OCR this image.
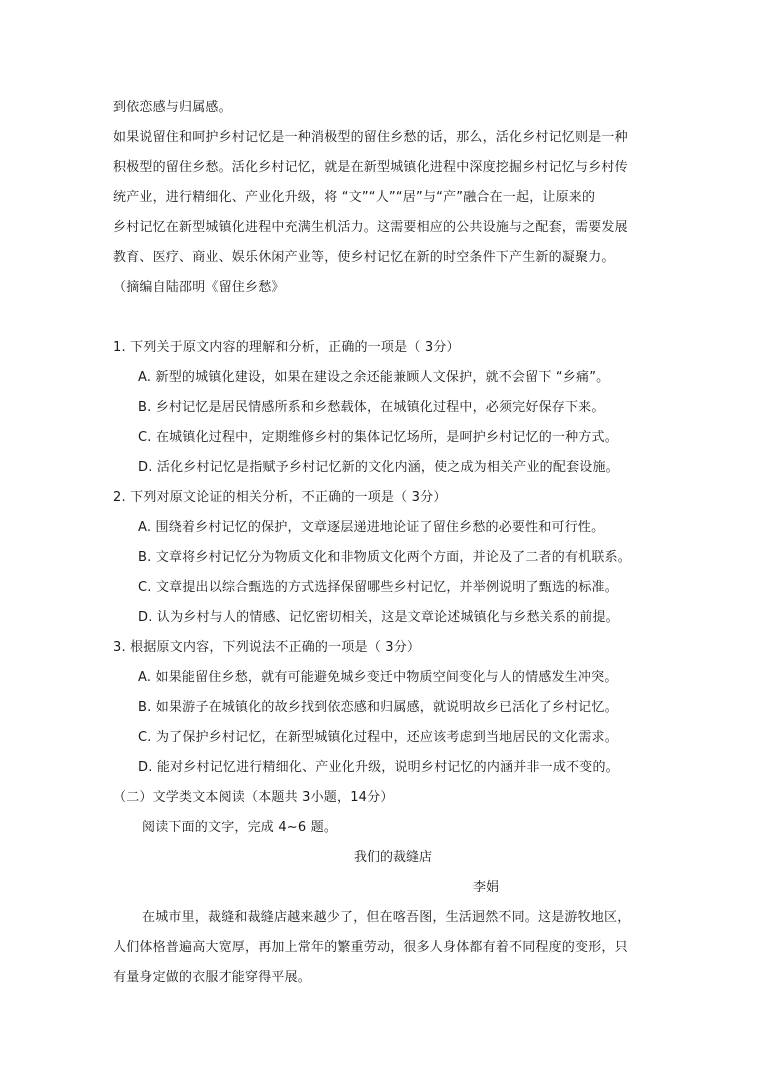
到依恋感与归属感。
如果说留住和呵护乡村记忆是一种消极型的留住乡愁的话，那么，活化乡村记忆则是一种
积极型的留住乡愁。活化乡村记忆，就是在新型城镇化进程中深度挖掘乡村记忆与乡村传
统产业，进行精细化、产业化升级，将 “文”“人”“居”与“产”融合在一起，让原来的
乡村记忆在新型城镇化进程中充满生机活力。这需要相应的公共设施与之配套，需要发展
教育、医疗、商业、娱乐休闲产业等，使乡村记忆在新的时空条件下产生新的凝聚力。
（摘编自陆邵明《留住乡愁》
1. 下列关于原文内容的理解和分析，正确的一项是（ 3分）
A. 新型的城镇化建设，如果在建设之余还能兼顾人文保护，就不会留下 “乡痛”。
B. 乡村记忆是居民情感所系和乡愁载体，在城镇化过程中，必须完好保存下来。
C. 在城镇化过程中，定期维修乡村的集体记忆场所，是呵护乡村记忆的一种方式。
D. 活化乡村记忆是指赋予乡村记忆新的文化内涵，使之成为相关产业的配套设施。
2. 下列对原文论证的相关分析，不正确的一项是（ 3分）
A. 围绕着乡村记忆的保护，文章逐层递进地论证了留住乡愁的必要性和可行性。
B. 文章将乡村记忆分为物质文化和非物质文化两个方面，并论及了二者的有机联系。
C. 文章提出以综合甄选的方式选择保留哪些乡村记忆，并举例说明了甄选的标准。
D. 认为乡村与人的情感、记忆密切相关，这是文章论述城镇化与乡愁关系的前提。
3. 根据原文内容，下列说法不正确的一项是（ 3分）
A. 如果能留住乡愁，就有可能避免城乡变迁中物质空间变化与人的情感发生冲突。
B. 如果游子在城镇化的故乡找到依恋感和归属感，就说明故乡已活化了乡村记忆。
C. 为了保护乡村记忆，在新型城镇化过程中，还应该考虑到当地居民的文化需求。
D. 能对乡村记忆进行精细化、产业化升级，说明乡村记忆的内涵并非一成不变的。
（二）文学类文本阅读（本题共 3小题，14分）
阅读下面的文字，完成 4~6 题。
我们的裁缝店
李娟
在城市里，裁缝和裁缝店越来越少了，但在喀吾图，生活迥然不同。这是游牧地区，
人们体格普遍高大宽厚，再加上常年的繁重劳动，很多人身体都有着不同程度的变形，只
有量身定做的衣服才能穿得平展。
